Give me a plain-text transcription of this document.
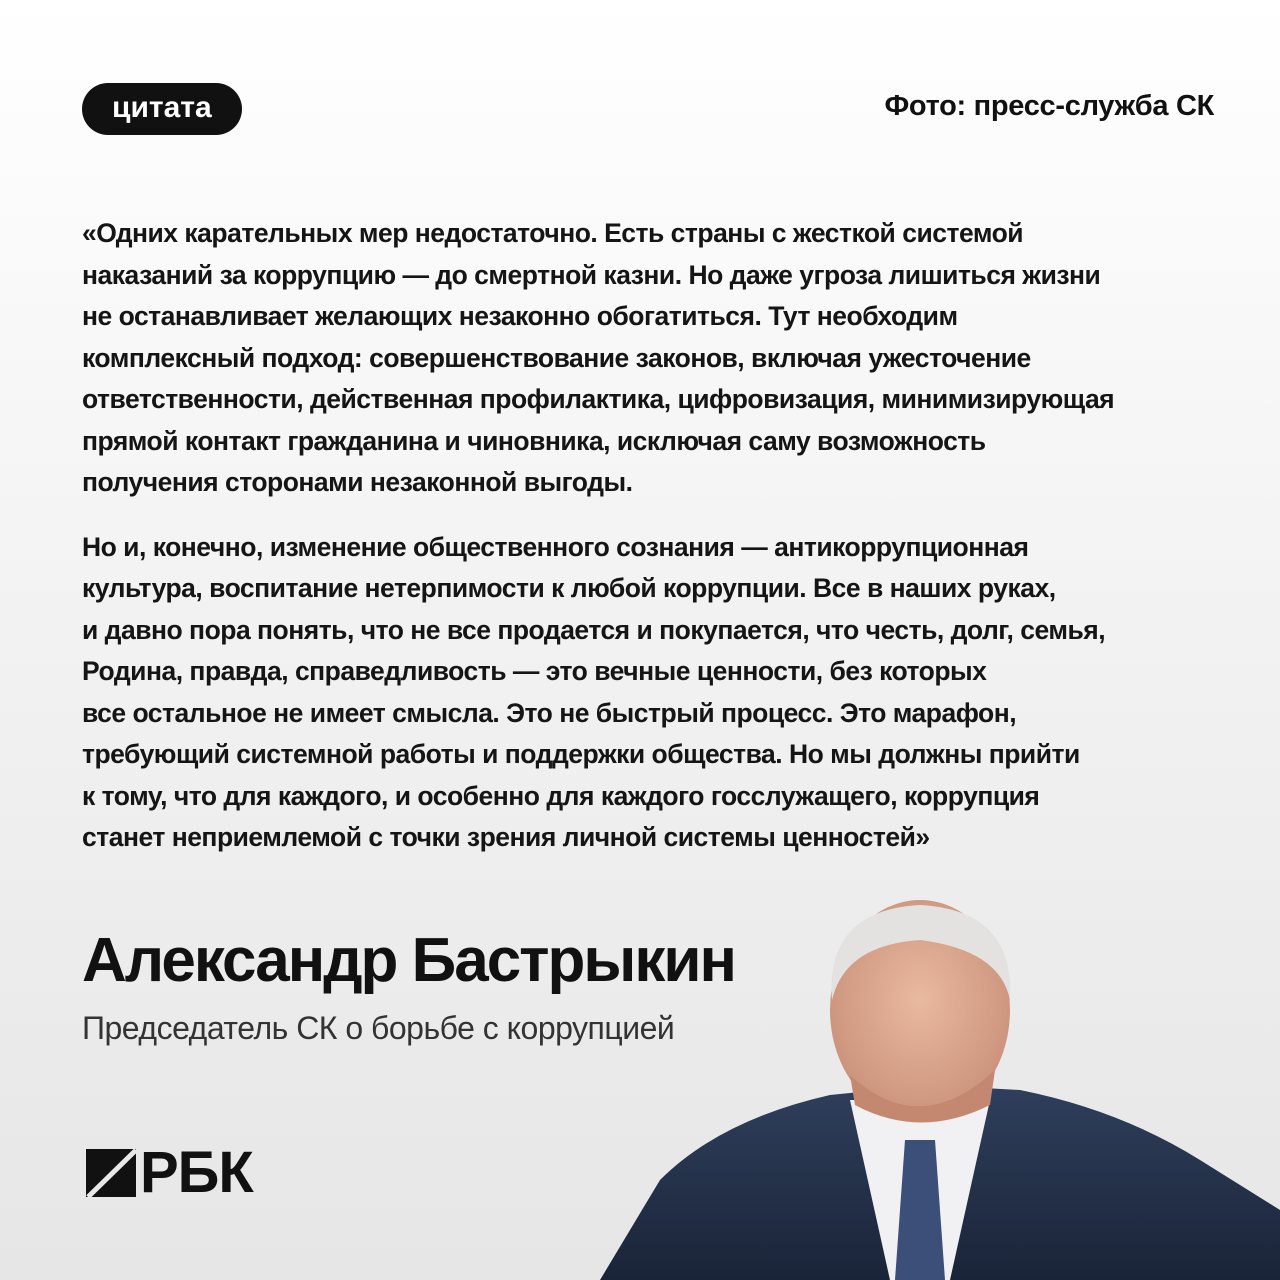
цитата	Фото: пресс-служба СК
«Одних карательных мер недостаточно. Есть страны с жесткой системой
наказаний за коррупцию — до смертной казни. Но даже угроза лишиться жизни
не останавливает желающих незаконно обогатиться. Тут необходим
комплексный подход: совершенствование законов, включая ужесточение
ответственности, действенная профилактика, цифровизация, минимизирующая
прямой контакт гражданина и чиновника, исключая саму возможность
получения сторонами незаконной выгоды.
Но и, конечно, изменение общественного сознания — антикоррупционная
культура, воспитание нетерпимости к любой коррупции. Все в наших руках,
и давно пора понять, что не все продается и покупается, что честь, долг, семья,
Родина, правда, справедливость — это вечные ценности, без которых
все остальное не имеет смысла. Это не быстрый процесс. Это марафон,
требующий системной работы и поддержки общества. Но мы должны прийти
к тому, что для каждого, и особенно для каждого госслужащего, коррупция
станет неприемлемой с точки зрения личной системы ценностей»
Александр Бастрыкин
Председатель СК о борьбе с коррупцией
РБК
